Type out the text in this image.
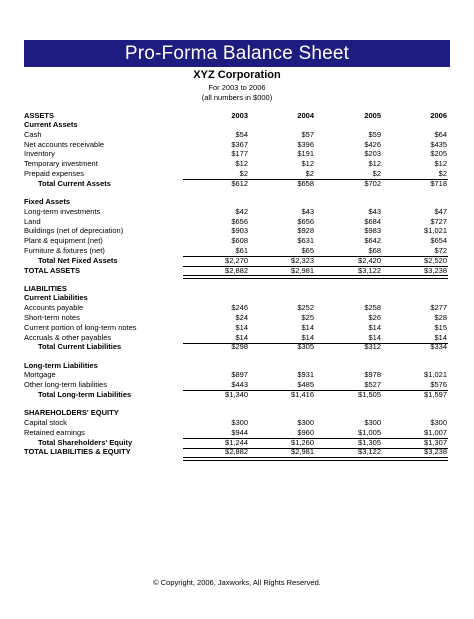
Pro-Forma Balance Sheet
XYZ Corporation
For 2003 to 2006
(all numbers in $000)
ASSETS	2003	2004	2005	2006
Current Assets
Cash	$54	$57	$59	$64
Net accounts receivable	$367	$396	$426	$435
Inventory	$177	$191	$203	$205
Temporary investment	$12	$12	$12	$12
Prepaid expenses	$2	$2	$2	$2
Total Current Assets	$612	$658	$702	$718
Fixed Assets
Long-term investments	$42	$43	$43	$47
Land	$656	$656	$684	$727
Buildings (net of depreciation)	$903	$928	$983	$1,021
Plant & equipment (net)	$608	$631	$642	$654
Furniture & fixtures (net)	$61	$65	$68	$72
Total Net Fixed Assets	$2,270	$2,323	$2,420	$2,520
TOTAL ASSETS	$2,882	$2,981	$3,122	$3,238
LIABILITIES
Current Liabilities
Accounts payable	$246	$252	$258	$277
Short-term notes	$24	$25	$26	$28
Current portion of long-term notes	$14	$14	$14	$15
Accruals & other payables	$14	$14	$14	$14
Total Current Liabilities	$298	$305	$312	$334
Long-term Liabilities
Mortgage	$897	$931	$978	$1,021
Other long-term liabilities	$443	$485	$527	$576
Total Long-term Liabilities	$1,340	$1,416	$1,505	$1,597
SHAREHOLDERS' EQUITY
Capital stock	$300	$300	$300	$300
Retained earnings	$944	$960	$1,005	$1,007
Total Shareholders' Equity	$1,244	$1,260	$1,305	$1,307
TOTAL LIABILITIES & EQUITY	$2,882	$2,981	$3,122	$3,238
© Copyright, 2006, Jaxworks, All Rights Reserved.
